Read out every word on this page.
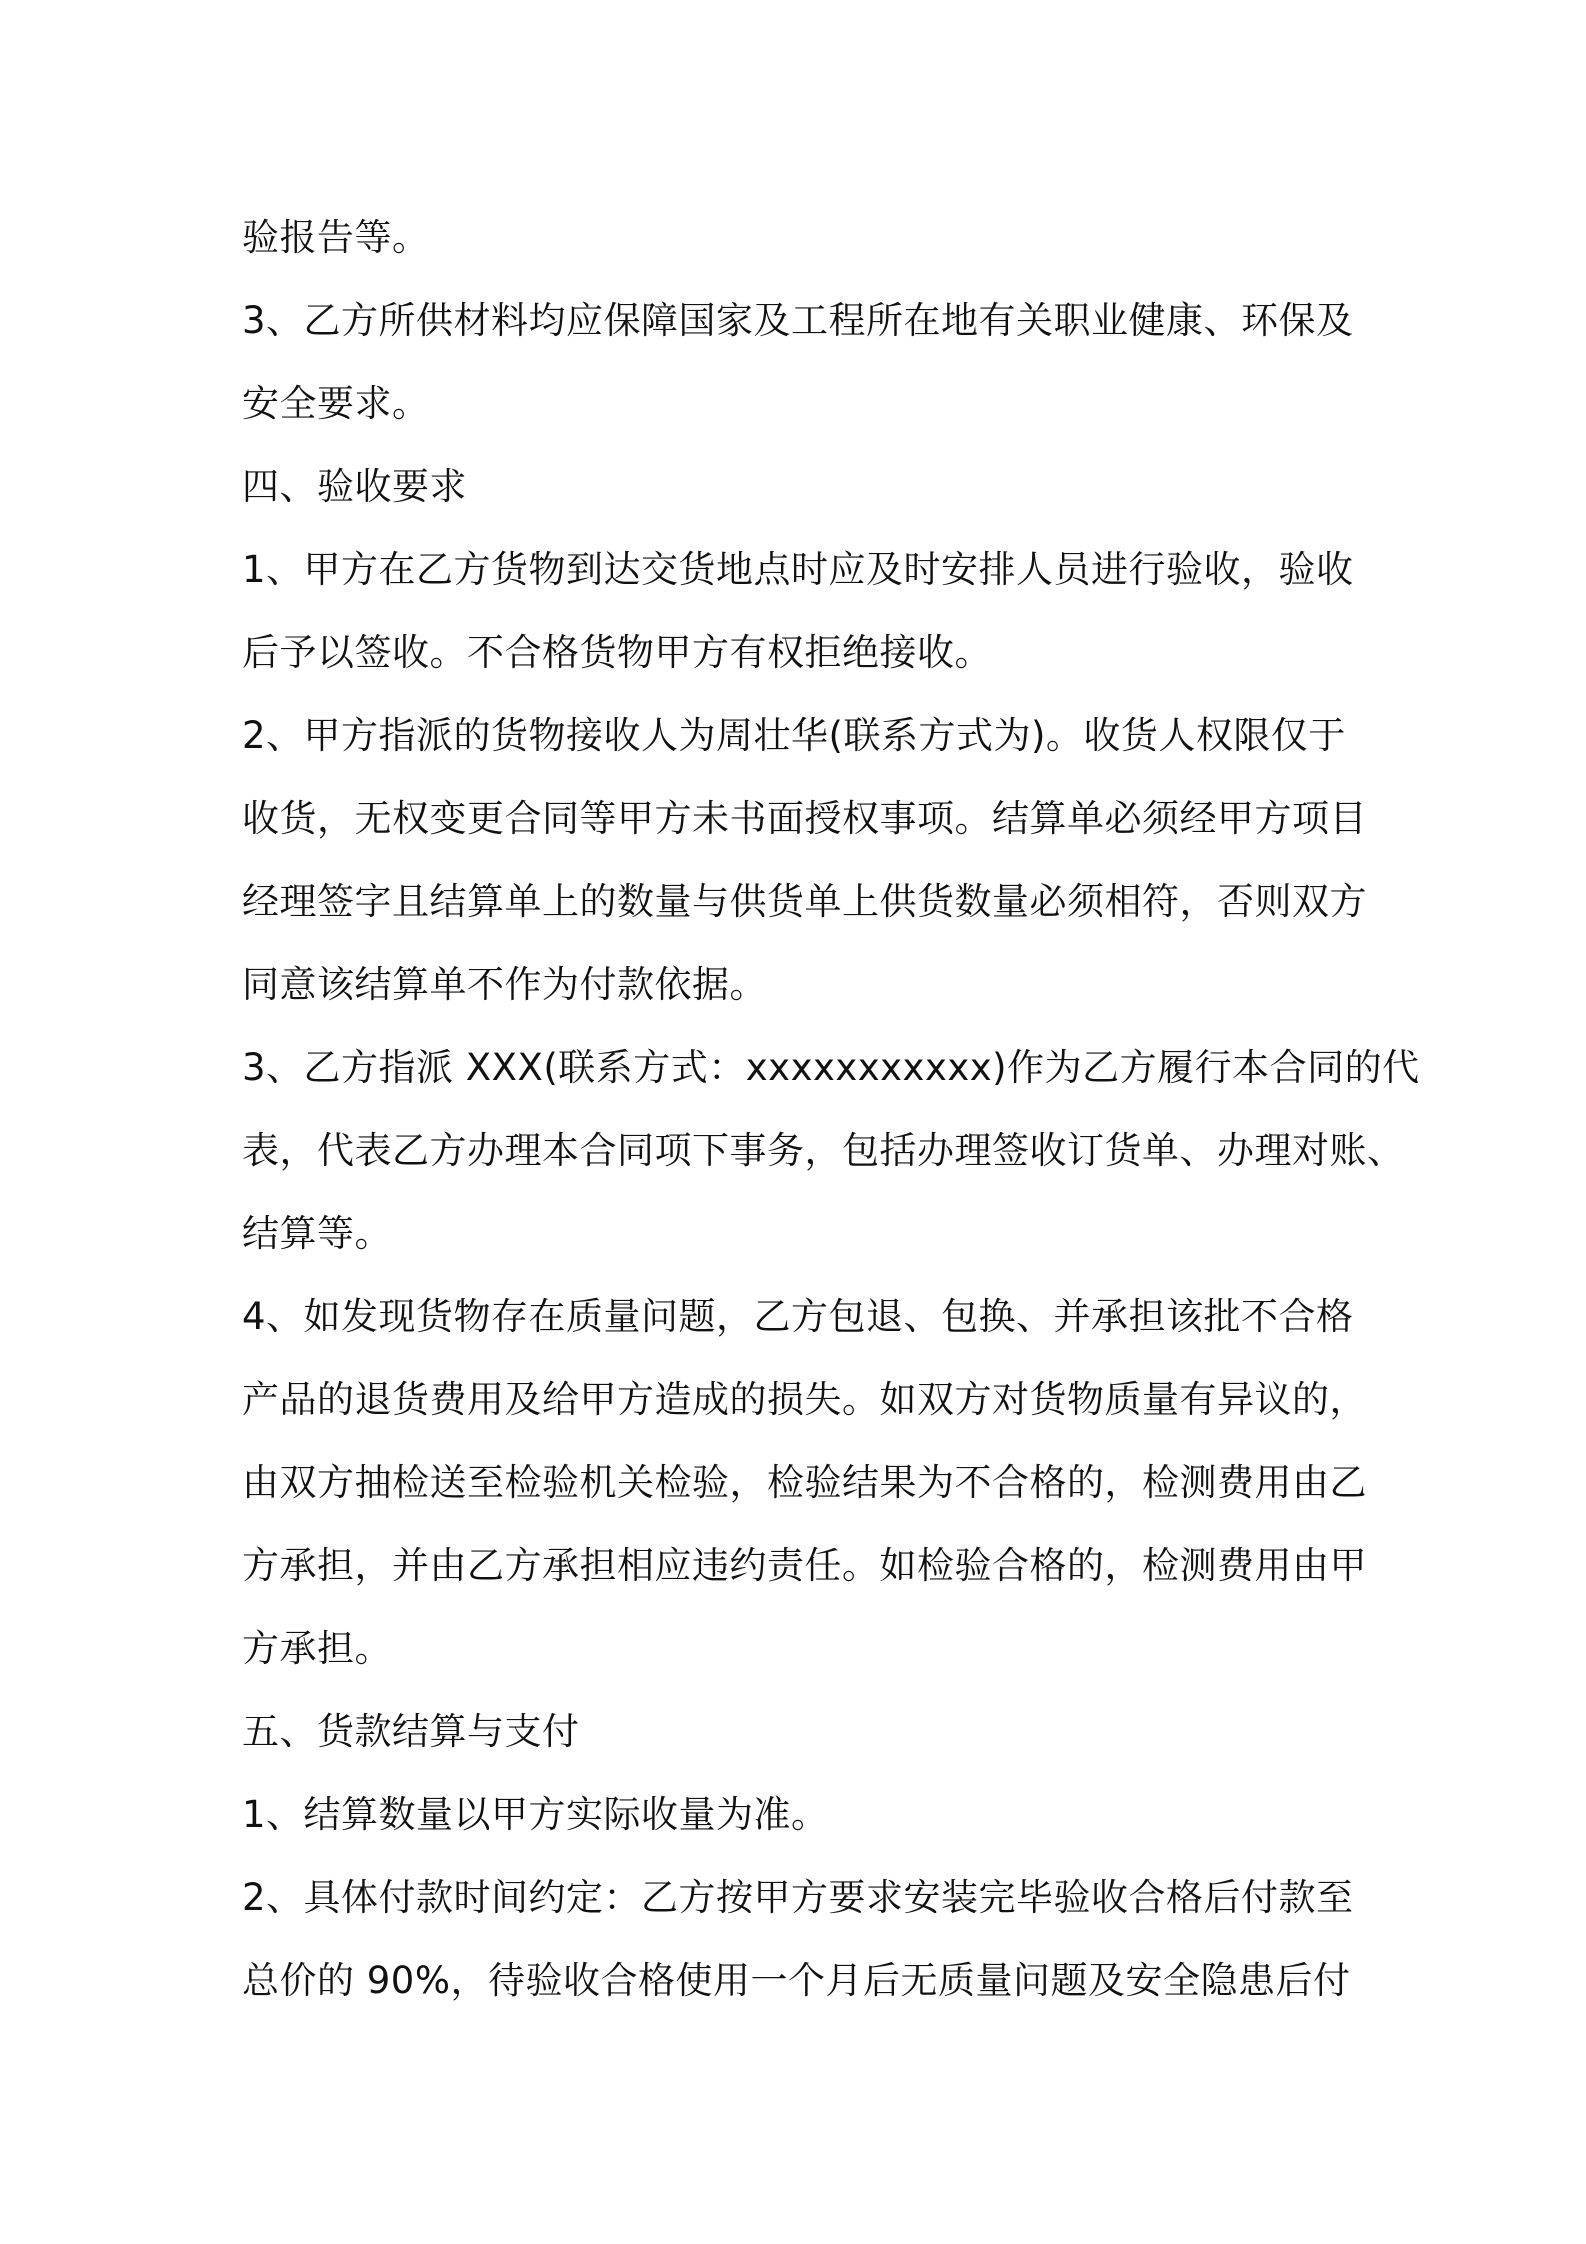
验报告等。
3、乙方所供材料均应保障国家及工程所在地有关职业健康、环保及
安全要求。
四、验收要求
1、甲方在乙方货物到达交货地点时应及时安排人员进行验收，验收
后予以签收。不合格货物甲方有权拒绝接收。
2、甲方指派的货物接收人为周壮华(联系方式为)。收货人权限仅于
收货，无权变更合同等甲方未书面授权事项。结算单必须经甲方项目
经理签字且结算单上的数量与供货单上供货数量必须相符，否则双方
同意该结算单不作为付款依据。
3、乙方指派 XXX(联系方式：xxxxxxxxxxx)作为乙方履行本合同的代
表，代表乙方办理本合同项下事务，包括办理签收订货单、办理对账、
结算等。
4、如发现货物存在质量问题，乙方包退、包换、并承担该批不合格
产品的退货费用及给甲方造成的损失。如双方对货物质量有异议的，
由双方抽检送至检验机关检验，检验结果为不合格的，检测费用由乙
方承担，并由乙方承担相应违约责任。如检验合格的，检测费用由甲
方承担。
五、货款结算与支付
1、结算数量以甲方实际收量为准。
2、具体付款时间约定：乙方按甲方要求安装完毕验收合格后付款至
总价的 90%，待验收合格使用一个月后无质量问题及安全隐患后付
